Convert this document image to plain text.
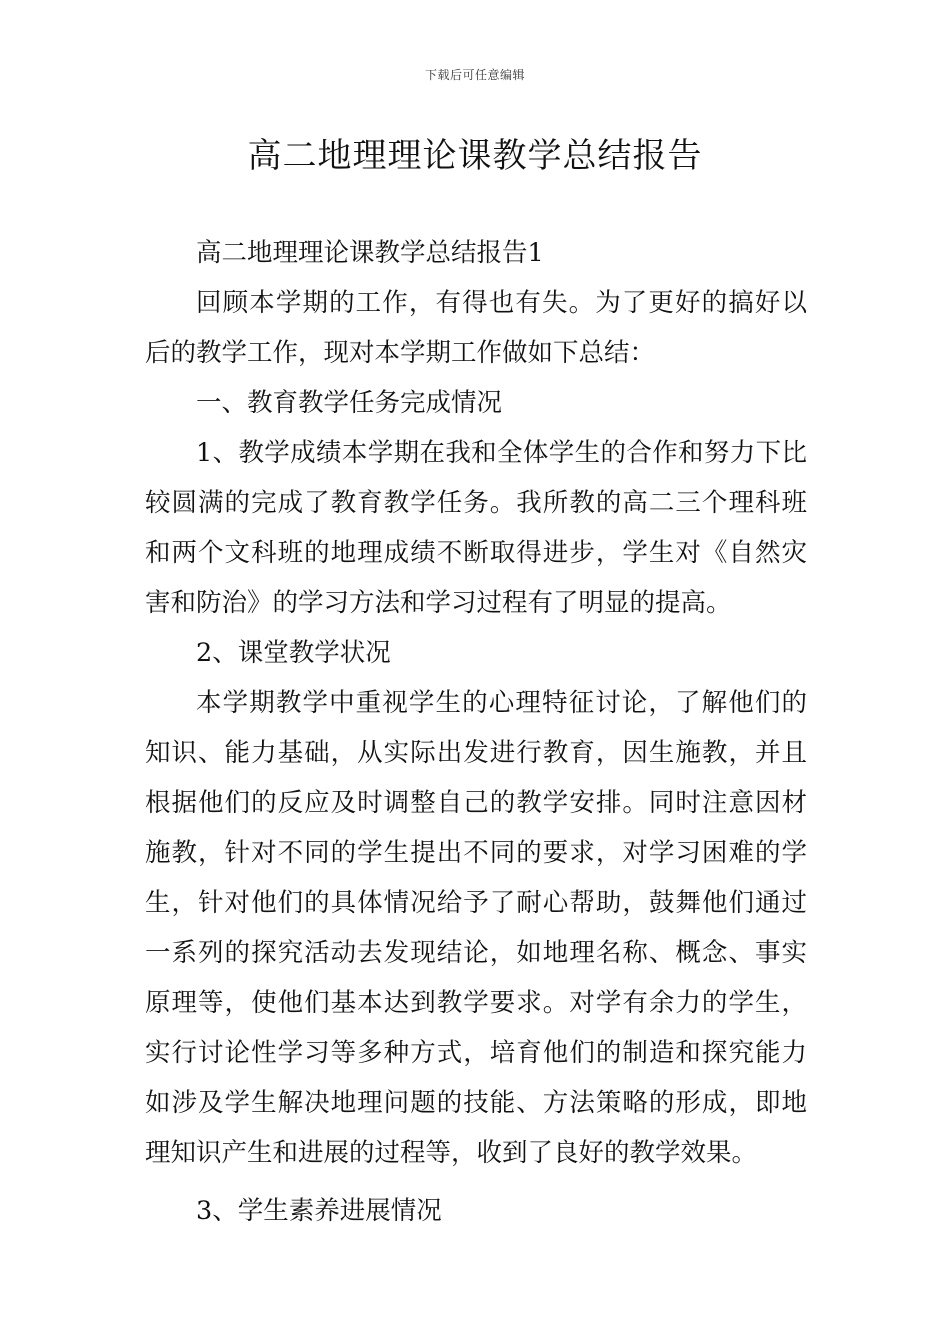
下载后可任意编辑
高二地理理论课教学总结报告

高二地理理论课教学总结报告1

回顾本学期的工作，有得也有失。为了更好的搞好以后的教学工作，现对本学期工作做如下总结：

一、教育教学任务完成情况

1、教学成绩本学期在我和全体学生的合作和努力下比较圆满的完成了教育教学任务。我所教的高二三个理科班和两个文科班的地理成绩不断取得进步，学生对《自然灾害和防治》的学习方法和学习过程有了明显的提高。

2、课堂教学状况

本学期教学中重视学生的心理特征讨论，了解他们的知识、能力基础，从实际出发进行教育，因生施教，并且根据他们的反应及时调整自己的教学安排。同时注意因材施教，针对不同的学生提出不同的要求，对学习困难的学生，针对他们的具体情况给予了耐心帮助，鼓舞他们通过一系列的探究活动去发现结论，如地理名称、概念、事实原理等，使他们基本达到教学要求。对学有余力的学生，实行讨论性学习等多种方式，培育他们的制造和探究能力如涉及学生解决地理问题的技能、方法策略的形成，即地理知识产生和进展的过程等，收到了良好的教学效果。

3、学生素养进展情况
